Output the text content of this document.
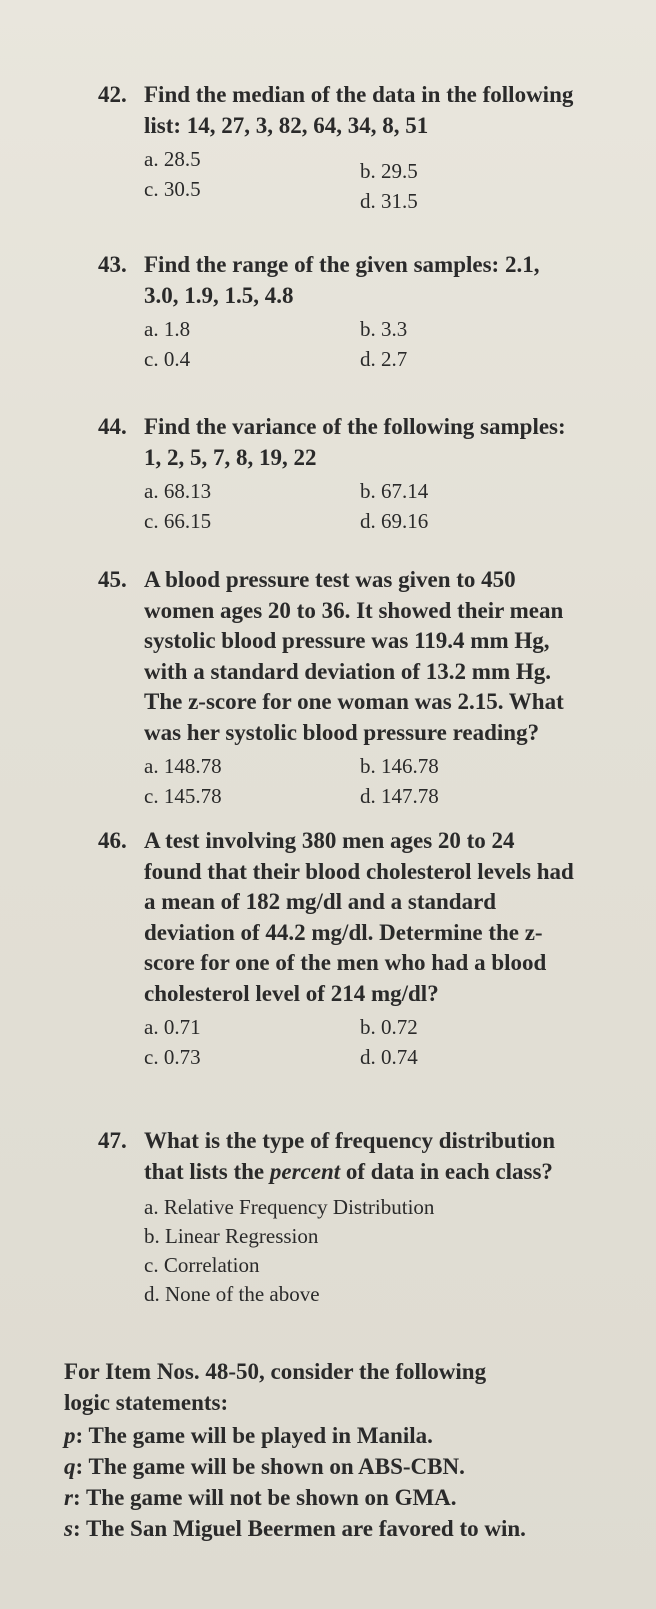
42. Find the median of the data in the following

list: 14, 27, 3, 82, 64, 34, 8, 51

a. 28.5	b. 29.5
c. 30.5	d. 31.5

43. Find the range of the given samples: 2.1,

3.0, 1.9, 1.5, 4.8

a. 1.8	b. 3.3
c. 0.4	d. 2.7

44. Find the variance of the following samples:

1, 2, 5, 7, 8, 19, 22

a. 68.13	b. 67.14
c. 66.15	d. 69.16

45. A blood pressure test was given to 450

women ages 20 to 36. It showed their mean

systolic blood pressure was 119.4 mm Hg,

with a standard deviation of 13.2 mm Hg.

The z-score for one woman was 2.15. What

was her systolic blood pressure reading?

a. 148.78	b. 146.78
c. 145.78	d. 147.78

46. A test involving 380 men ages 20 to 24

found that their blood cholesterol levels had

a mean of 182 mg/dl and a standard

deviation of 44.2 mg/dl. Determine the z-

score for one of the men who had a blood

cholesterol level of 214 mg/dl?

a. 0.71	b. 0.72
c. 0.73	d. 0.74

47. What is the type of frequency distribution

that lists the percent of data in each class?

a. Relative Frequency Distribution
b. Linear Regression
c. Correlation
d. None of the above
For Item Nos. 48-50, consider the following
logic statements:
p: The game will be played in Manila.
q: The game will be shown on ABS-CBN.
r: The game will not be shown on GMA.
s: The San Miguel Beermen are favored to win.
